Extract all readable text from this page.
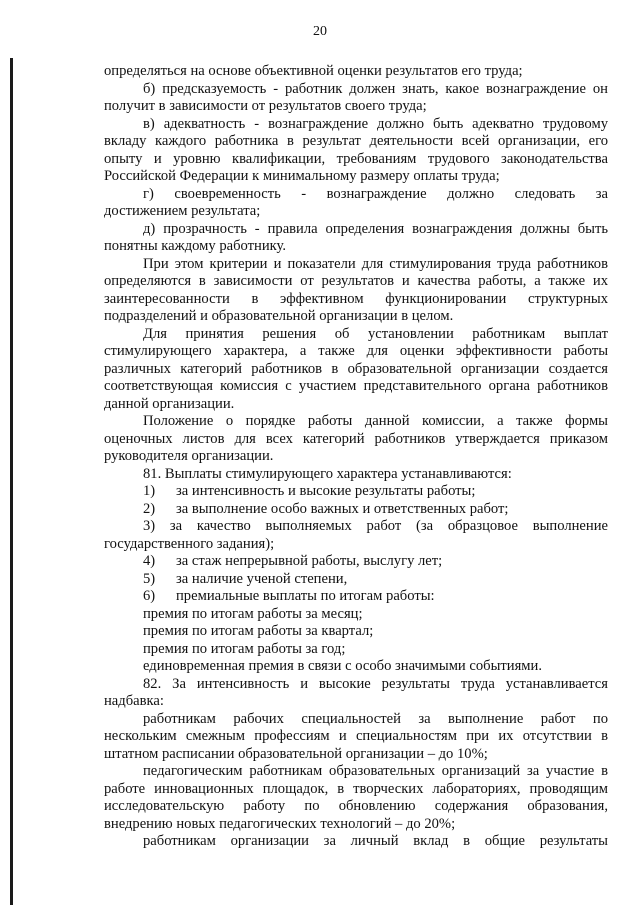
20
определяться на основе объективной оценки результатов его труда;
б) предсказуемость - работник должен знать, какое вознаграждение он
получит в зависимости от результатов своего труда;
в) адекватность - вознаграждение должно быть адекватно трудовому
вкладу каждого работника в результат деятельности всей организации, его
опыту и уровню квалификации, требованиям трудового законодательства
Российской Федерации к минимальному размеру оплаты труда;
г) своевременность - вознаграждение должно следовать за
достижением результата;
д) прозрачность - правила определения вознаграждения должны быть
понятны каждому работнику.
При этом критерии и показатели для стимулирования труда работников
определяются в зависимости от результатов и качества работы, а также их
заинтересованности в эффективном функционировании структурных
подразделений и образовательной организации в целом.
Для принятия решения об установлении работникам выплат
стимулирующего характера, а также для оценки эффективности работы
различных категорий работников в образовательной организации создается
соответствующая комиссия с участием представительного органа работников
данной организации.
Положение о порядке работы данной комиссии, а также формы
оценочных листов для всех категорий работников утверждается приказом
руководителя организации.
81. Выплаты стимулирующего характера устанавливаются:
1) за интенсивность и высокие результаты работы;
2) за выполнение особо важных и ответственных работ;
3) за качество выполняемых работ (за образцовое выполнение
государственного задания);
4) за стаж непрерывной работы, выслугу лет;
5) за наличие ученой степени,
6) премиальные выплаты по итогам работы:
премия по итогам работы за месяц;
премия по итогам работы за квартал;
премия по итогам работы за год;
единовременная премия в связи с особо значимыми событиями.
82. За интенсивность и высокие результаты труда устанавливается
надбавка:
работникам рабочих специальностей за выполнение работ по
нескольким смежным профессиям и специальностям при их отсутствии в
штатном расписании образовательной организации – до 10%;
педагогическим работникам образовательных организаций за участие в
работе инновационных площадок, в творческих лабораториях, проводящим
исследовательскую работу по обновлению содержания образования,
внедрению новых педагогических технологий – до 20%;
работникам организации за личный вклад в общие результаты
